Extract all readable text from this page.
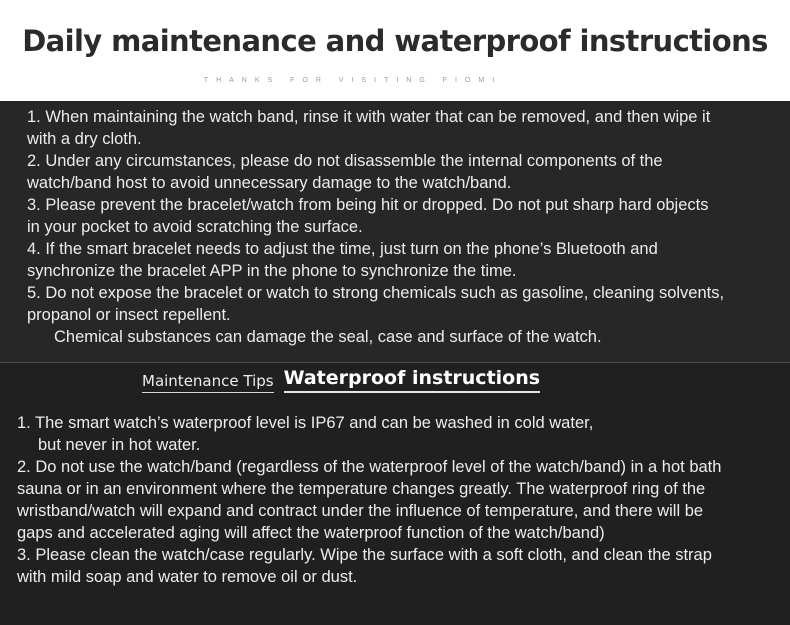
Daily maintenance and waterproof instructions
THANKS FOR VISITING FIOMI
1. When maintaining the watch band, rinse it with water that can be removed, and then wipe it
with a dry cloth.
2. Under any circumstances, please do not disassemble the internal components of the
watch/band host to avoid unnecessary damage to the watch/band.
3. Please prevent the bracelet/watch from being hit or dropped. Do not put sharp hard objects
in your pocket to avoid scratching the surface.
4. If the smart bracelet needs to adjust the time, just turn on the phone’s Bluetooth and
synchronize the bracelet APP in the phone to synchronize the time.
5. Do not expose the bracelet or watch to strong chemicals such as gasoline, cleaning solvents,
propanol or insect repellent.
Chemical substances can damage the seal, case and surface of the watch.
Maintenance Tips Waterproof instructions
1. The smart watch’s waterproof level is IP67 and can be washed in cold water,
but never in hot water.
2. Do not use the watch/band (regardless of the waterproof level of the watch/band) in a hot bath
sauna or in an environment where the temperature changes greatly. The waterproof ring of the
wristband/watch will expand and contract under the influence of temperature, and there will be
gaps and accelerated aging will affect the waterproof function of the watch/band)
3. Please clean the watch/case regularly. Wipe the surface with a soft cloth, and clean the strap
with mild soap and water to remove oil or dust.
